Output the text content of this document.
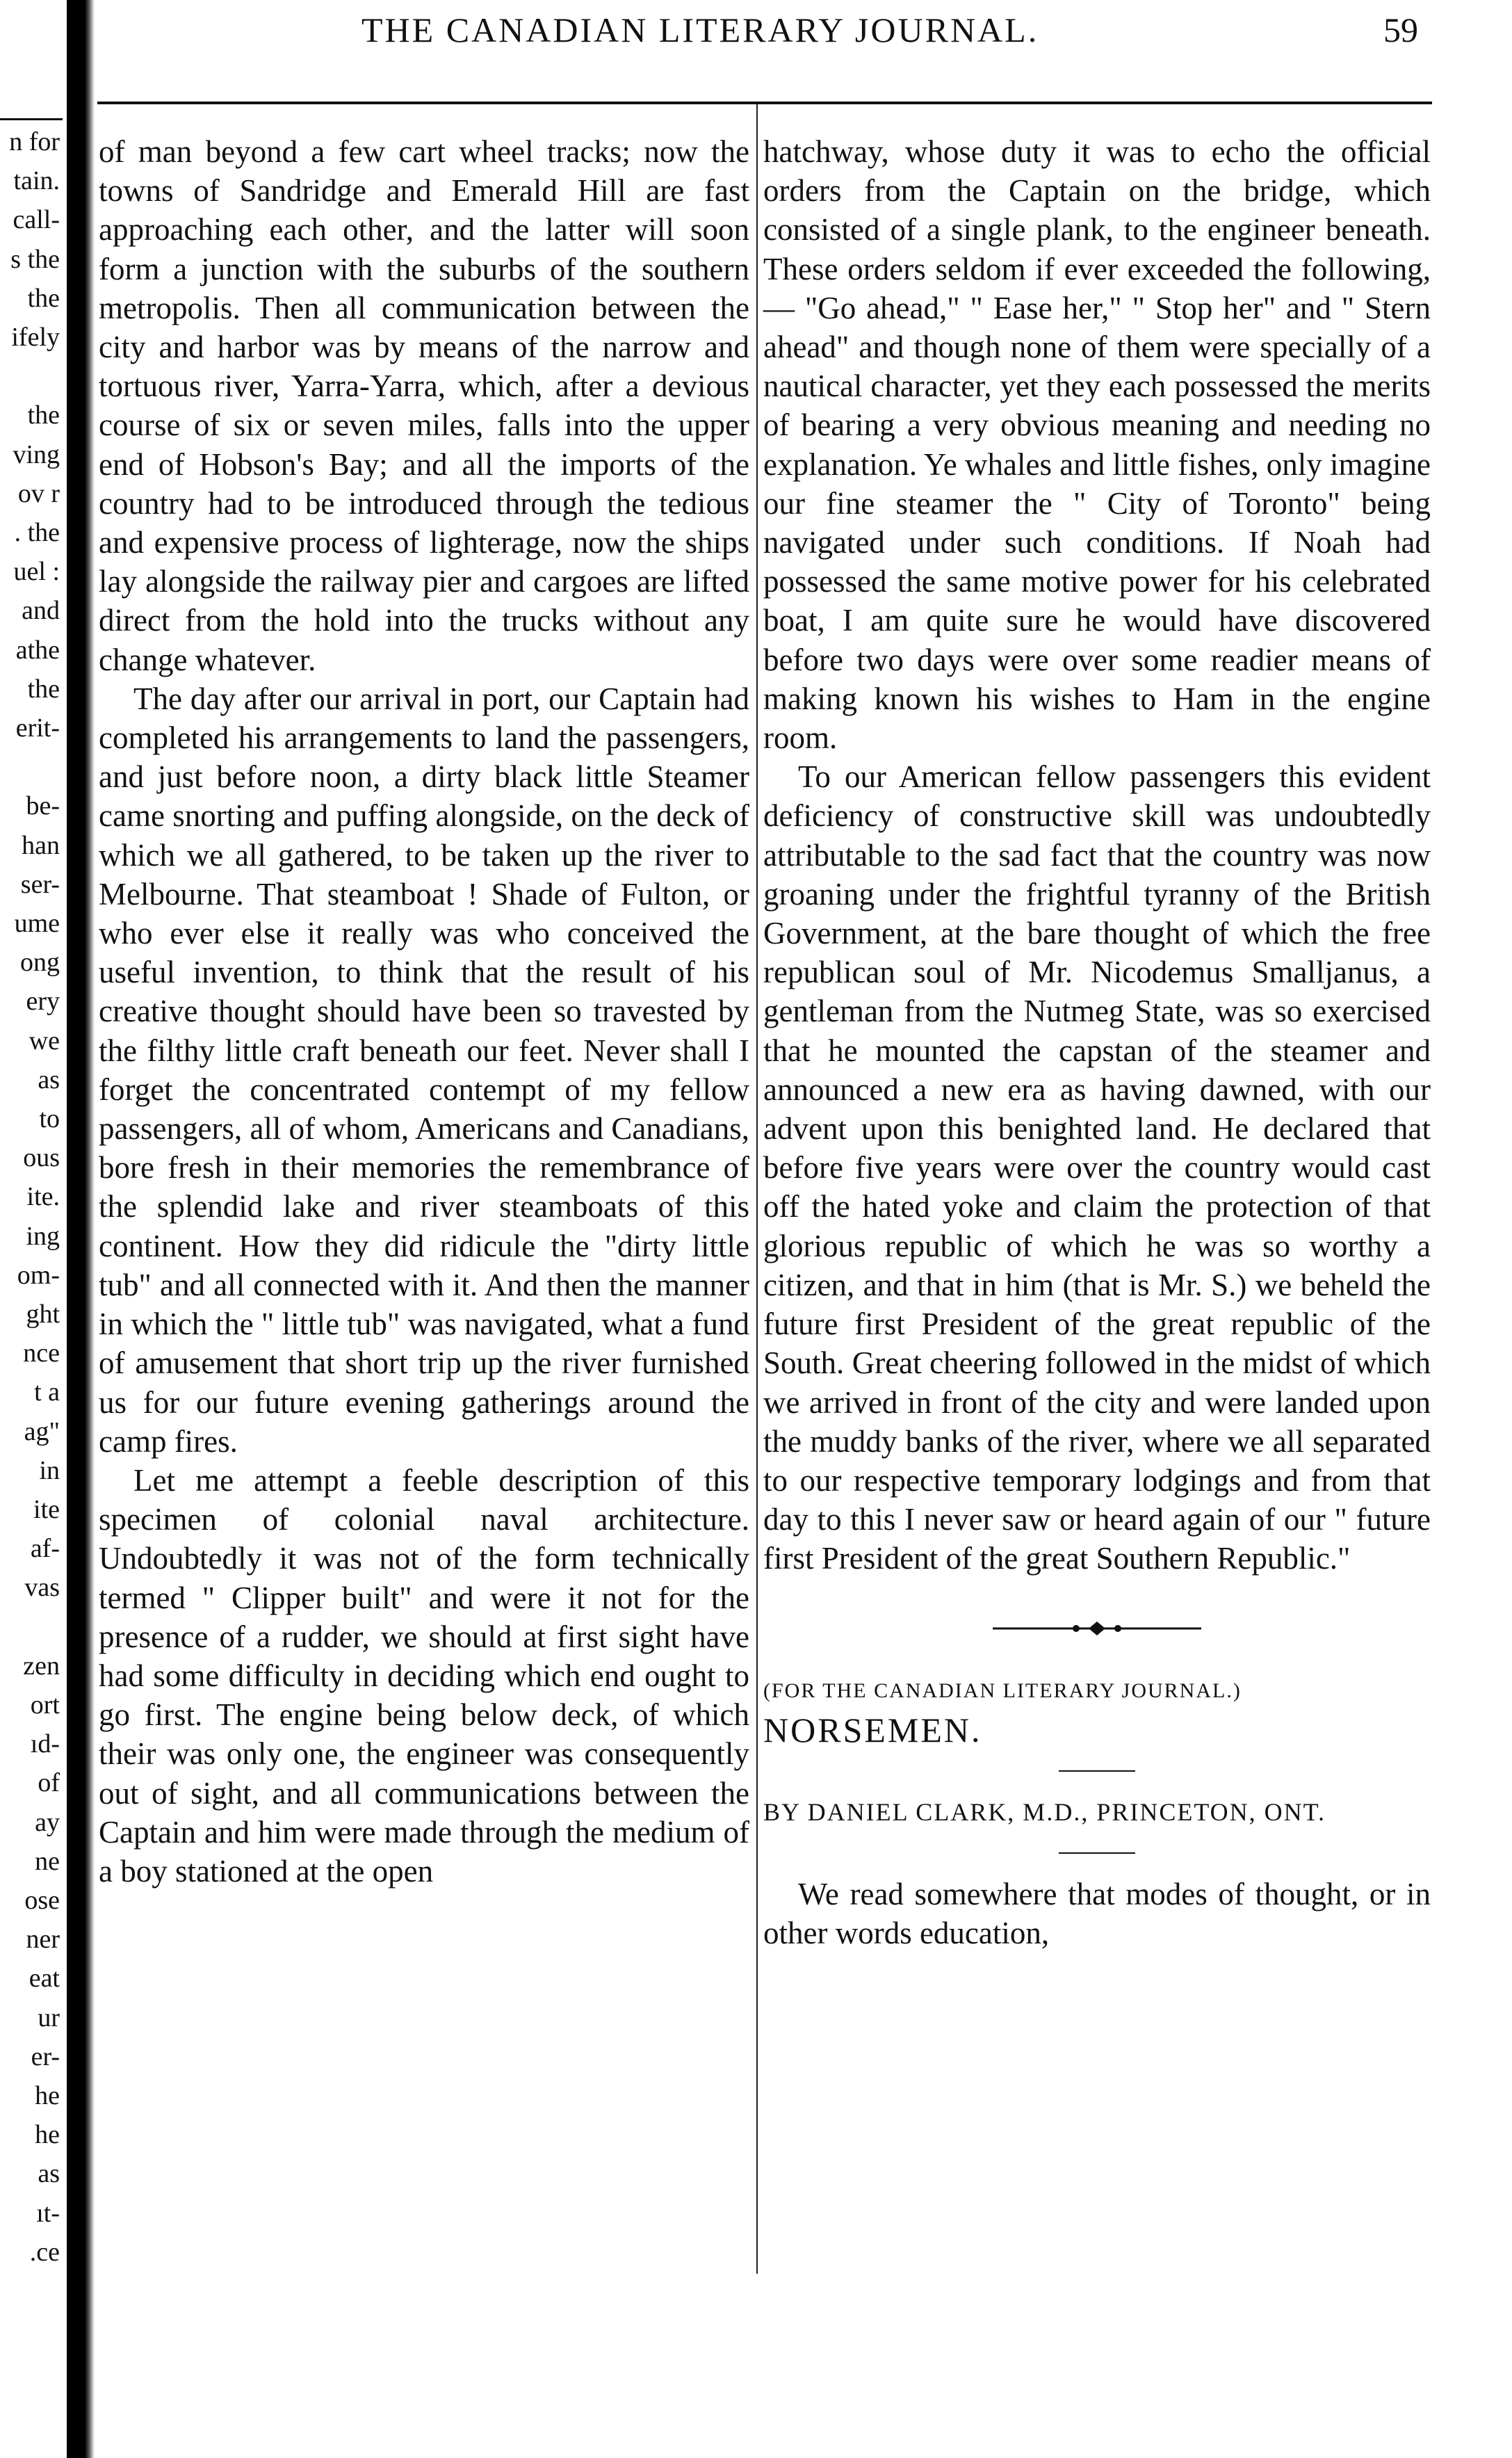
n for
tain.
call-
s the
the
ifely
the
ving
ov r
. the
uel :
and
athe
the
erit-
be-
han
ser-
ume
ong
ery
we
as
to
ous
ite.
ing
om-
ght
nce
t a
ag"
in
ite
af-
vas
zen
ort
ıd-
of
ay
ne
ose
ner
eat
ur
er-
he
he
as
ıt-
.ce
THE CANADIAN LITERARY JOURNAL.	59

of man beyond a few cart wheel tracks; now the towns of Sandridge and Emerald Hill are fast approaching each other, and the latter will soon form a junction with the suburbs of the southern metropolis. Then all communication between the city and harbor was by means of the narrow and tortuous river, Yarra-Yarra, which, after a devious course of six or seven miles, falls into the upper end of Hobson's Bay; and all the imports of the country had to be introduced through the tedious and expensive process of lighterage, now the ships lay alongside the railway pier and cargoes are lifted direct from the hold into the trucks without any change whatever.

The day after our arrival in port, our Captain had completed his arrangements to land the passengers, and just before noon, a dirty black little Steamer came snorting and puffing alongside, on the deck of which we all gathered, to be taken up the river to Melbourne. That steamboat ! Shade of Fulton, or who ever else it really was who conceived the useful invention, to think that the result of his creative thought should have been so travested by the filthy little craft beneath our feet. Never shall I forget the concentrated contempt of my fellow passengers, all of whom, Americans and Canadians, bore fresh in their memories the remembrance of the splendid lake and river steamboats of this continent. How they did ridicule the "dirty little tub" and all connected with it. And then the manner in which the " little tub" was navigated, what a fund of amusement that short trip up the river furnished us for our future evening gatherings around the camp fires.

Let me attempt a feeble description of this specimen of colonial naval architecture. Undoubtedly it was not of the form technically termed " Clipper built" and were it not for the presence of a rudder, we should at first sight have had some difficulty in deciding which end ought to go first. The engine being below deck, of which their was only one, the engineer was consequently out of sight, and all communications between the Captain and him were made through the medium of a boy stationed at the open

hatchway, whose duty it was to echo the official orders from the Captain on the bridge, which consisted of a single plank, to the engineer beneath. These orders seldom if ever exceeded the following,— "Go ahead," " Ease her," " Stop her" and " Stern ahead" and though none of them were specially of a nautical character, yet they each possessed the merits of bearing a very obvious meaning and needing no explanation. Ye whales and little fishes, only imagine our fine steamer the " City of Toronto" being navigated under such conditions. If Noah had possessed the same motive power for his celebrated boat, I am quite sure he would have discovered before two days were over some readier means of making known his wishes to Ham in the engine room.

To our American fellow passengers this evident deficiency of constructive skill was undoubtedly attributable to the sad fact that the country was now groaning under the frightful tyranny of the British Government, at the bare thought of which the free republican soul of Mr. Nicodemus Smalljanus, a gentleman from the Nutmeg State, was so exercised that he mounted the capstan of the steamer and announced a new era as having dawned, with our advent upon this benighted land. He declared that before five years were over the country would cast off the hated yoke and claim the protection of that glorious republic of which he was so worthy a citizen, and that in him (that is Mr. S.) we beheld the future first President of the great republic of the South. Great cheering followed in the midst of which we arrived in front of the city and were landed upon the muddy banks of the river, where we all separated to our respective temporary lodgings and from that day to this I never saw or heard again of our " future first President of the great Southern Republic."

(FOR THE CANADIAN LITERARY JOURNAL.)

NORSEMEN.

BY DANIEL CLARK, M.D., PRINCETON, ONT.

We read somewhere that modes of thought, or in other words education,
